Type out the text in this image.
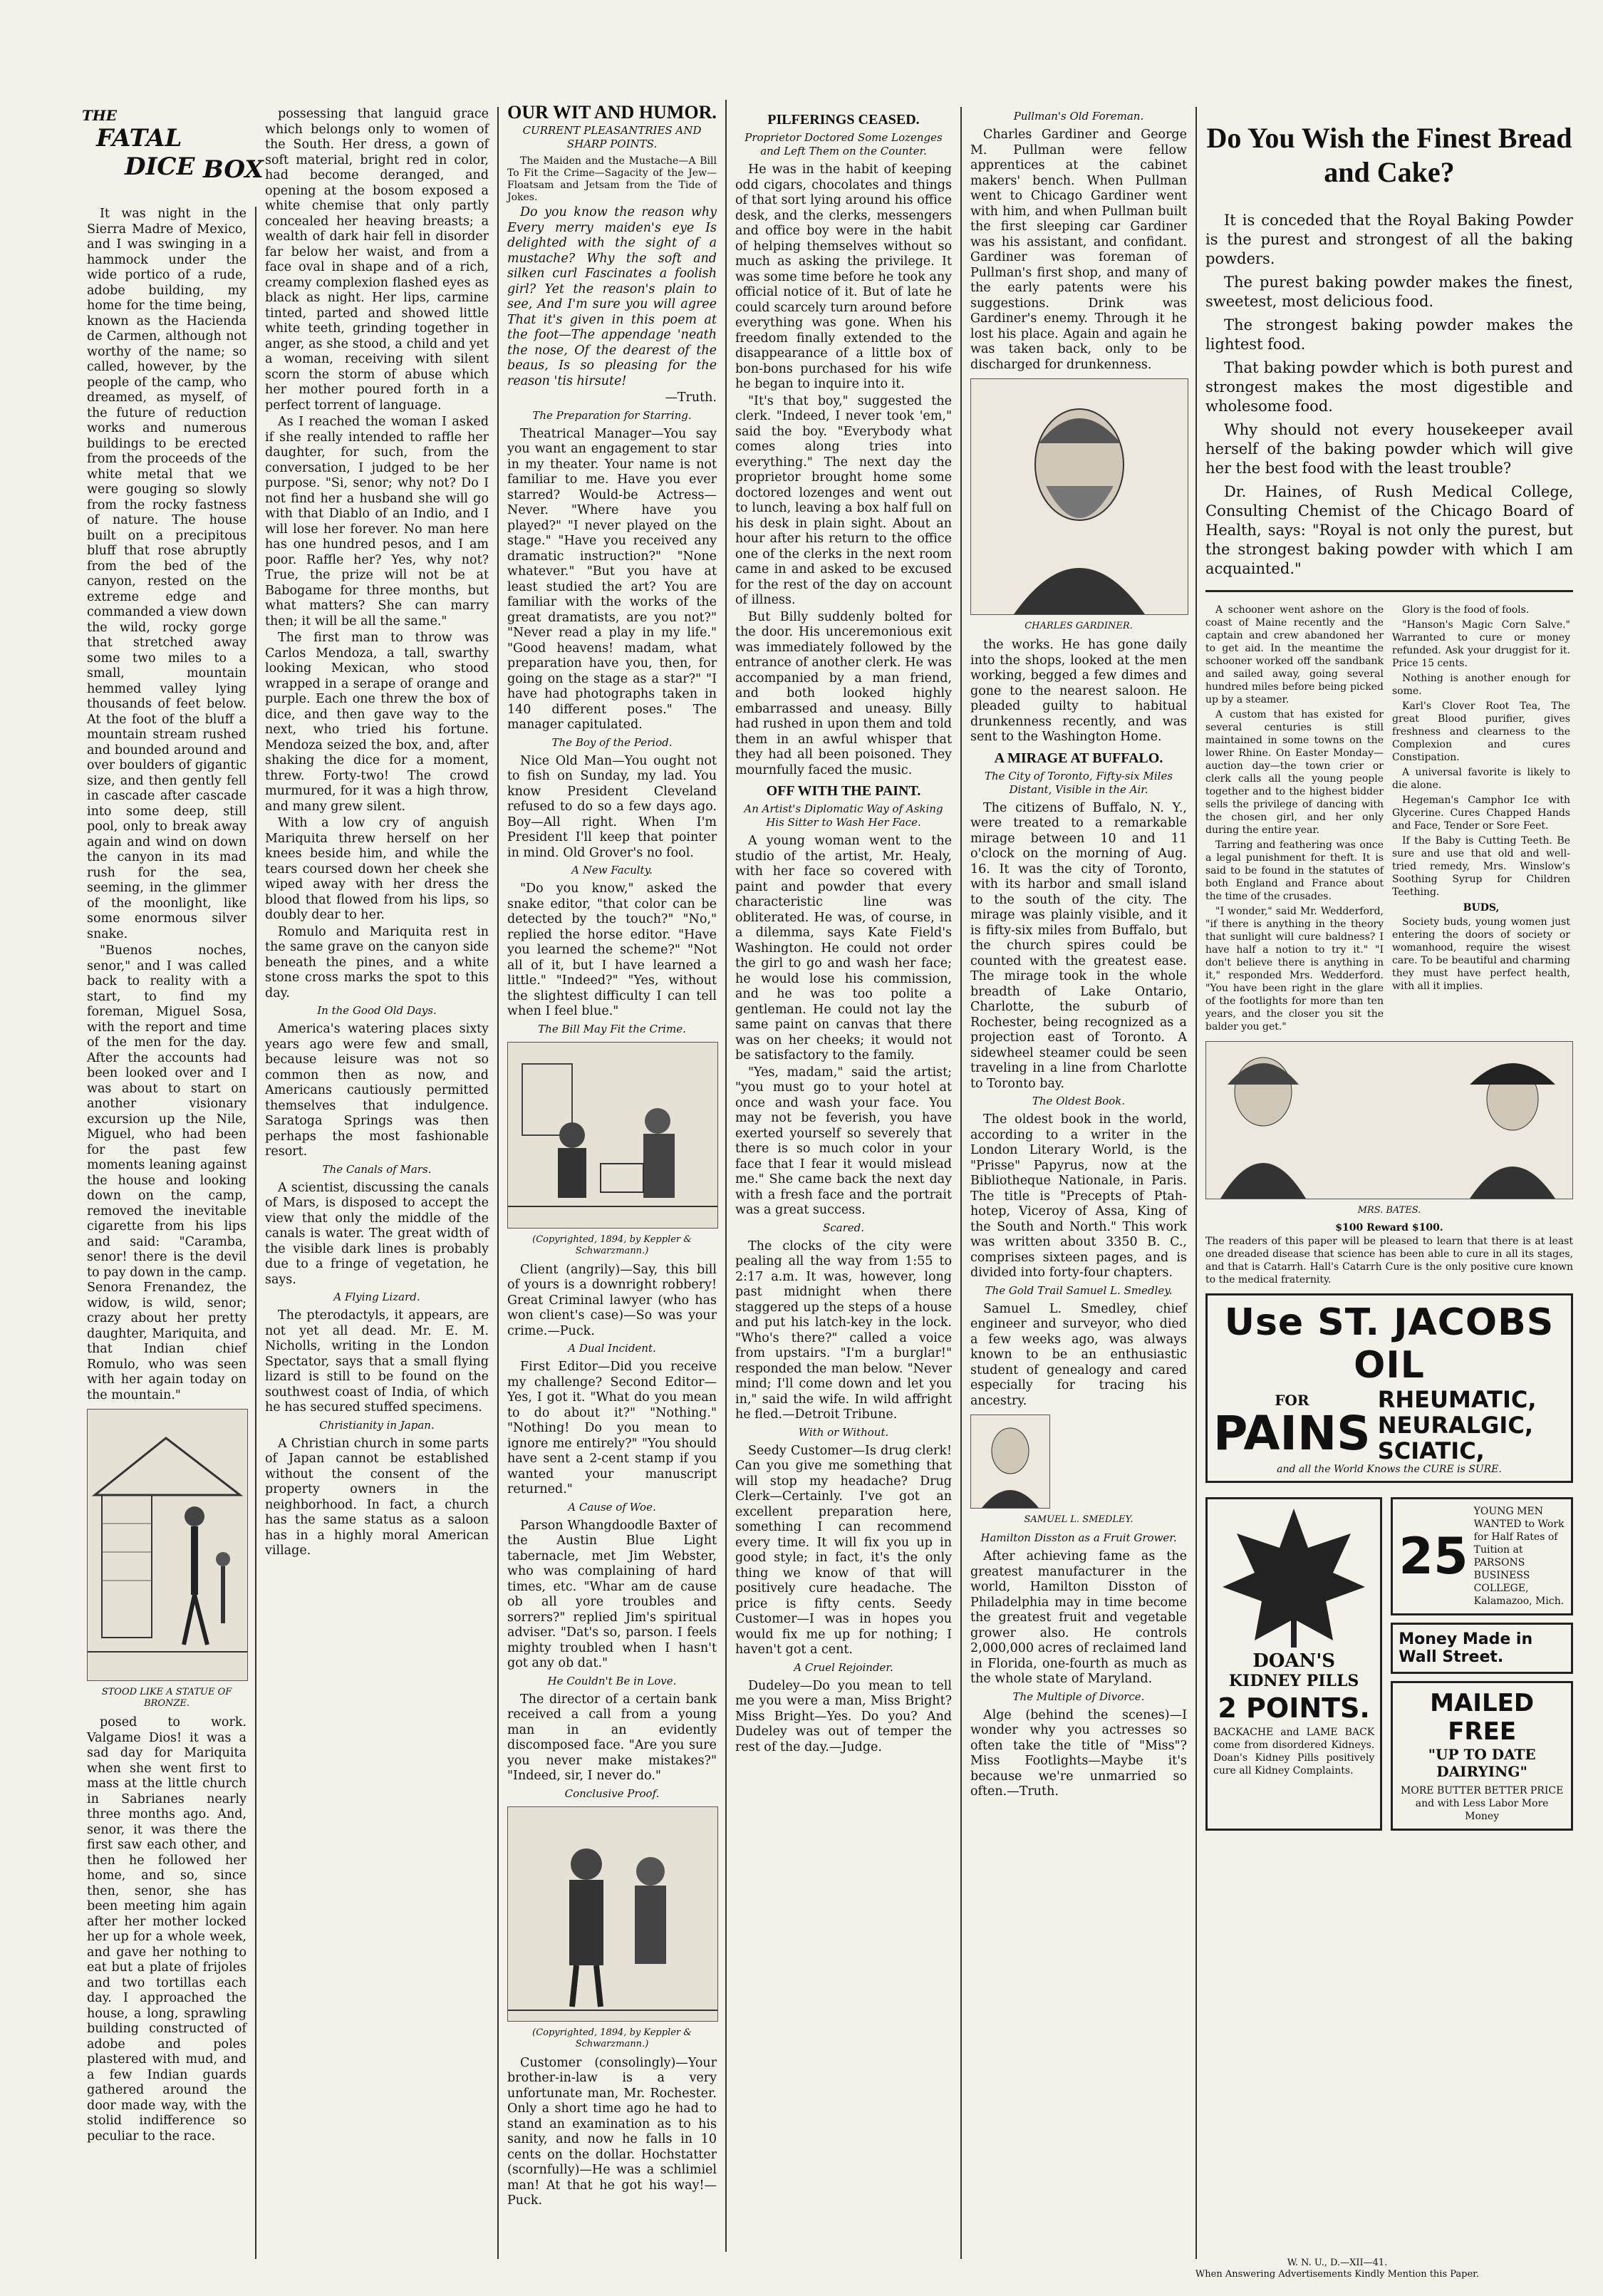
It was night in the Sierra Madre of Mexico, and I was swinging in a hammock under the wide portico of a rude, adobe building, my home for the time being, known as the Hacienda de Carmen, although not worthy of the name; so called, however, by the people of the camp, who dreamed, as myself, of the future of reduction works and numerous buildings to be erected from the proceeds of the white metal that we were gouging so slowly from the rocky fastness of nature. The house built on a precipitous bluff that rose abruptly from the bed of the canyon, rested on the extreme edge and commanded a view down the wild, rocky gorge that stretched away some two miles to a small, mountain hemmed valley lying thousands of feet below. At the foot of the bluff a mountain stream rushed and bounded around and over boulders of gigantic size, and then gently fell in cascade after cascade into some deep, still pool, only to break away again and wind on down the canyon in its mad rush for the sea, seeming, in the glimmer of the moonlight, like some enormous silver snake.

"Buenos noches, senor," and I was called back to reality with a start, to find my foreman, Miguel Sosa, with the report and time of the men for the day. After the accounts had been looked over and I was about to start on another visionary excursion up the Nile, Miguel, who had been for the past few moments leaning against the house and looking down on the camp, removed the inevitable cigarette from his lips and said: "Caramba, senor! there is the devil to pay down in the camp. Senora Frenandez, the widow, is wild, senor; crazy about her pretty daughter, Mariquita, and that Indian chief Romulo, who was seen with her again today on the mountain."

STOOD LIKE A STATUE OF BRONZE.

posed to work. Valgame Dios! it was a sad day for Mariquita when she went first to mass at the little church in Sabrianes nearly three months ago. And, senor, it was there the first saw each other, and then he followed her home, and so, since then, senor, she has been meeting him again after her mother locked her up for a whole week, and gave her nothing to eat but a plate of frijoles and two tortillas each day. I approached the house, a long, sprawling building constructed of adobe and poles plastered with mud, and a few Indian guards gathered around the door made way, with the stolid indifference so peculiar to the race.

THE
FATAL
DICE BOX

possessing that languid grace which belongs only to women of the South. Her dress, a gown of soft material, bright red in color, had become deranged, and opening at the bosom exposed a white chemise that only partly concealed her heaving breasts; a wealth of dark hair fell in disorder far below her waist, and from a face oval in shape and of a rich, creamy complexion flashed eyes as black as night. Her lips, carmine tinted, parted and showed little white teeth, grinding together in anger, as she stood, a child and yet a woman, receiving with silent scorn the storm of abuse which her mother poured forth in a perfect torrent of language.

As I reached the woman I asked if she really intended to raffle her daughter, for such, from the conversation, I judged to be her purpose. "Si, senor; why not? Do I not find her a husband she will go with that Diablo of an Indio, and I will lose her forever. No man here has one hundred pesos, and I am poor. Raffle her? Yes, why not? True, the prize will not be at Babogame for three months, but what matters? She can marry then; it will be all the same."

The first man to throw was Carlos Mendoza, a tall, swarthy looking Mexican, who stood wrapped in a serape of orange and purple. Each one threw the box of dice, and then gave way to the next, who tried his fortune. Mendoza seized the box, and, after shaking the dice for a moment, threw. Forty-two! The crowd murmured, for it was a high throw, and many grew silent.

With a low cry of anguish Mariquita threw herself on her knees beside him, and while the tears coursed down her cheek she wiped away with her dress the blood that flowed from his lips, so doubly dear to her.

Romulo and Mariquita rest in the same grave on the canyon side beneath the pines, and a white stone cross marks the spot to this day.

In the Good Old Days.

America's watering places sixty years ago were few and small, because leisure was not so common then as now, and Americans cautiously permitted themselves that indulgence. Saratoga Springs was then perhaps the most fashionable resort.

The Canals of Mars.

A scientist, discussing the canals of Mars, is disposed to accept the view that only the middle of the canals is water. The great width of the visible dark lines is probably due to a fringe of vegetation, he says.

A Flying Lizard.

The pterodactyls, it appears, are not yet all dead. Mr. E. M. Nicholls, writing in the London Spectator, says that a small flying lizard is still to be found on the southwest coast of India, of which he has secured stuffed specimens.

Christianity in Japan.

A Christian church in some parts of Japan cannot be established without the consent of the property owners in the neighborhood. In fact, a church has the same status as a saloon has in a highly moral American village.

OUR WIT AND HUMOR.
CURRENT PLEASANTRIES AND SHARP POINTS.

The Maiden and the Mustache—A Bill To Fit the Crime—Sagacity of the Jew—Floatsam and Jetsam from the Tide of Jokes.

Do you know the reason why Every merry maiden's eye Is delighted with the sight of a mustache? Why the soft and silken curl Fascinates a foolish girl? Yet the reason's plain to see, And I'm sure you will agree That it's given in this poem at the foot—The appendage 'neath the nose, Of the dearest of the beaus, Is so pleasing for the reason 'tis hirsute!

—Truth.

The Preparation for Starring.

Theatrical Manager—You say you want an engagement to star in my theater. Your name is not familiar to me. Have you ever starred? Would-be Actress—Never. "Where have you played?" "I never played on the stage." "Have you received any dramatic instruction?" "None whatever." "But you have at least studied the art? You are familiar with the works of the great dramatists, are you not?" "Never read a play in my life." "Good heavens! madam, what preparation have you, then, for going on the stage as a star?" "I have had photographs taken in 140 different poses." The manager capitulated.

The Boy of the Period.

Nice Old Man—You ought not to fish on Sunday, my lad. You know President Cleveland refused to do so a few days ago. Boy—All right. When I'm President I'll keep that pointer in mind. Old Grover's no fool.

A New Faculty.

"Do you know," asked the snake editor, "that color can be detected by the touch?" "No," replied the horse editor. "Have you learned the scheme?" "Not all of it, but I have learned a little." "Indeed?" "Yes, without the slightest difficulty I can tell when I feel blue."

The Bill May Fit the Crime.
(Copyrighted, 1894, by Keppler & Schwarzmann.)

Client (angrily)—Say, this bill of yours is a downright robbery! Great Criminal lawyer (who has won client's case)—So was your crime.—Puck.

A Dual Incident.

First Editor—Did you receive my challenge? Second Editor—Yes, I got it. "What do you mean to do about it?" "Nothing." "Nothing! Do you mean to ignore me entirely?" "You should have sent a 2-cent stamp if you wanted your manuscript returned."

A Cause of Woe.

Parson Whangdoodle Baxter of the Austin Blue Light tabernacle, met Jim Webster, who was complaining of hard times, etc. "Whar am de cause ob all yore troubles and sorrers?" replied Jim's spiritual adviser. "Dat's so, parson. I feels mighty troubled when I hasn't got any ob dat."

He Couldn't Be in Love.

The director of a certain bank received a call from a young man in an evidently discomposed face. "Are you sure you never make mistakes?" "Indeed, sir, I never do."

Conclusive Proof.
(Copyrighted, 1894, by Keppler & Schwarzmann.)

Customer (consolingly)—Your brother-in-law is a very unfortunate man, Mr. Rochester. Only a short time ago he had to stand an examination as to his sanity, and now he falls in 10 cents on the dollar. Hochstatter (scornfully)—He was a schlimiel man! At that he got his way!—Puck.

PILFERINGS CEASED.
Proprietor Doctored Some Lozenges and Left Them on the Counter.

He was in the habit of keeping odd cigars, chocolates and things of that sort lying around his office desk, and the clerks, messengers and office boy were in the habit of helping themselves without so much as asking the privilege. It was some time before he took any official notice of it. But of late he could scarcely turn around before everything was gone. When his freedom finally extended to the disappearance of a little box of bon-bons purchased for his wife he began to inquire into it.

"It's that boy," suggested the clerk. "Indeed, I never took 'em," said the boy. "Everybody what comes along tries into everything." The next day the proprietor brought home some doctored lozenges and went out to lunch, leaving a box half full on his desk in plain sight. About an hour after his return to the office one of the clerks in the next room came in and asked to be excused for the rest of the day on account of illness.

But Billy suddenly bolted for the door. His unceremonious exit was immediately followed by the entrance of another clerk. He was accompanied by a man friend, and both looked highly embarrassed and uneasy. Billy had rushed in upon them and told them in an awful whisper that they had all been poisoned. They mournfully faced the music.

OFF WITH THE PAINT.
An Artist's Diplomatic Way of Asking His Sitter to Wash Her Face.

A young woman went to the studio of the artist, Mr. Healy, with her face so covered with paint and powder that every characteristic line was obliterated. He was, of course, in a dilemma, says Kate Field's Washington. He could not order the girl to go and wash her face; he would lose his commission, and he was too polite a gentleman. He could not lay the same paint on canvas that there was on her cheeks; it would not be satisfactory to the family.

"Yes, madam," said the artist; "you must go to your hotel at once and wash your face. You may not be feverish, you have exerted yourself so severely that there is so much color in your face that I fear it would mislead me." She came back the next day with a fresh face and the portrait was a great success.

Scared.

The clocks of the city were pealing all the way from 1:55 to 2:17 a.m. It was, however, long past midnight when there staggered up the steps of a house and put his latch-key in the lock. "Who's there?" called a voice from upstairs. "I'm a burglar!" responded the man below. "Never mind; I'll come down and let you in," said the wife. In wild affright he fled.—Detroit Tribune.

With or Without.

Seedy Customer—Is drug clerk! Can you give me something that will stop my headache? Drug Clerk—Certainly. I've got an excellent preparation here, something I can recommend every time. It will fix you up in good style; in fact, it's the only thing we know of that will positively cure headache. The price is fifty cents. Seedy Customer—I was in hopes you would fix me up for nothing; I haven't got a cent.

A Cruel Rejoinder.

Dudeley—Do you mean to tell me you were a man, Miss Bright? Miss Bright—Yes. Do you? And Dudeley was out of temper the rest of the day.—Judge.

Pullman's Old Foreman.

Charles Gardiner and George M. Pullman were fellow apprentices at the cabinet makers' bench. When Pullman went to Chicago Gardiner went with him, and when Pullman built the first sleeping car Gardiner was his assistant, and confidant. Gardiner was foreman of Pullman's first shop, and many of the early patents were his suggestions. Drink was Gardiner's enemy. Through it he lost his place. Again and again he was taken back, only to be discharged for drunkenness.

CHARLES GARDINER.

the works. He has gone daily into the shops, looked at the men working, begged a few dimes and gone to the nearest saloon. He pleaded guilty to habitual drunkenness recently, and was sent to the Washington Home.

A MIRAGE AT BUFFALO.
The City of Toronto, Fifty-six Miles Distant, Visible in the Air.

The citizens of Buffalo, N. Y., were treated to a remarkable mirage between 10 and 11 o'clock on the morning of Aug. 16. It was the city of Toronto, with its harbor and small island to the south of the city. The mirage was plainly visible, and it is fifty-six miles from Buffalo, but the church spires could be counted with the greatest ease. The mirage took in the whole breadth of Lake Ontario, Charlotte, the suburb of Rochester, being recognized as a projection east of Toronto. A sidewheel steamer could be seen traveling in a line from Charlotte to Toronto bay.

The Oldest Book.

The oldest book in the world, according to a writer in the London Literary World, is the "Prisse" Papyrus, now at the Bibliotheque Nationale, in Paris. The title is "Precepts of Ptah-hotep, Viceroy of Assa, King of the South and North." This work was written about 3350 B. C., comprises sixteen pages, and is divided into forty-four chapters.

The Gold Trail Samuel L. Smedley.

Samuel L. Smedley, chief engineer and surveyor, who died a few weeks ago, was always known to be an enthusiastic student of genealogy and cared especially for tracing his ancestry.

SAMUEL L. SMEDLEY.
Hamilton Disston as a Fruit Grower.

After achieving fame as the greatest manufacturer in the world, Hamilton Disston of Philadelphia may in time become the greatest fruit and vegetable grower also. He controls 2,000,000 acres of reclaimed land in Florida, one-fourth as much as the whole state of Maryland.

The Multiple of Divorce.

Alge (behind the scenes)—I wonder why you actresses so often take the title of "Miss"? Miss Footlights—Maybe it's because we're unmarried so often.—Truth.

Do You Wish the Finest Bread and Cake?

It is conceded that the Royal Baking Powder is the purest and strongest of all the baking powders.

The purest baking powder makes the finest, sweetest, most delicious food.

The strongest baking powder makes the lightest food.

That baking powder which is both purest and strongest makes the most digestible and wholesome food.

Why should not every housekeeper avail herself of the baking powder which will give her the best food with the least trouble?

Dr. Haines, of Rush Medical College, Consulting Chemist of the Chicago Board of Health, says: "Royal is not only the purest, but the strongest baking powder with which I am acquainted."

A schooner went ashore on the coast of Maine recently and the captain and crew abandoned her to get aid. In the meantime the schooner worked off the sandbank and sailed away, going several hundred miles before being picked up by a steamer.

A custom that has existed for several centuries is still maintained in some towns on the lower Rhine. On Easter Monday—auction day—the town crier or clerk calls all the young people together and to the highest bidder sells the privilege of dancing with the chosen girl, and her only during the entire year.

Tarring and feathering was once a legal punishment for theft. It is said to be found in the statutes of both England and France about the time of the crusades.

"I wonder," said Mr. Wedderford, "if there is anything in the theory that sunlight will cure baldness? I have half a notion to try it." "I don't believe there is anything in it," responded Mrs. Wedderford. "You have been right in the glare of the footlights for more than ten years, and the closer you sit the balder you get."

Glory is the food of fools.

"Hanson's Magic Corn Salve." Warranted to cure or money refunded. Ask your druggist for it. Price 15 cents.

Nothing is another enough for some.

Karl's Clover Root Tea, The great Blood purifier, gives freshness and clearness to the Complexion and cures Constipation.

A universal favorite is likely to die alone.

Hegeman's Camphor Ice with Glycerine. Cures Chapped Hands and Face, Tender or Sore Feet.

If the Baby is Cutting Teeth. Be sure and use that old and well-tried remedy, Mrs. Winslow's Soothing Syrup for Children Teething.

BUDS,

Society buds, young women just entering the doors of society or womanhood, require the wisest care. To be beautiful and charming they must have perfect health, with all it implies.

MRS. BATES.
$100 Reward $100.

The readers of this paper will be pleased to learn that there is at least one dreaded disease that science has been able to cure in all its stages, and that is Catarrh. Hall's Catarrh Cure is the only positive cure known to the medical fraternity.

Use ST. JACOBS OIL
FOR
PAINS
RHEUMATIC, NEURALGIC, SCIATIC,
and all the World Knows the CURE is SURE.
DOAN'S
KIDNEY PILLS
2 POINTS.

BACKACHE and LAME BACK come from disordered Kidneys. Doan's Kidney Pills positively cure all Kidney Complaints.

25
YOUNG MEN WANTED to Work for Half Rates of Tuition at PARSONS BUSINESS COLLEGE, Kalamazoo, Mich.
Money Made in Wall Street.
MAILED FREE
"UP TO DATE DAIRYING"
MORE BUTTER BETTER PRICE and with Less Labor More Money
W. N. U., D.—XII—41.
When Answering Advertisements Kindly Mention this Paper.
